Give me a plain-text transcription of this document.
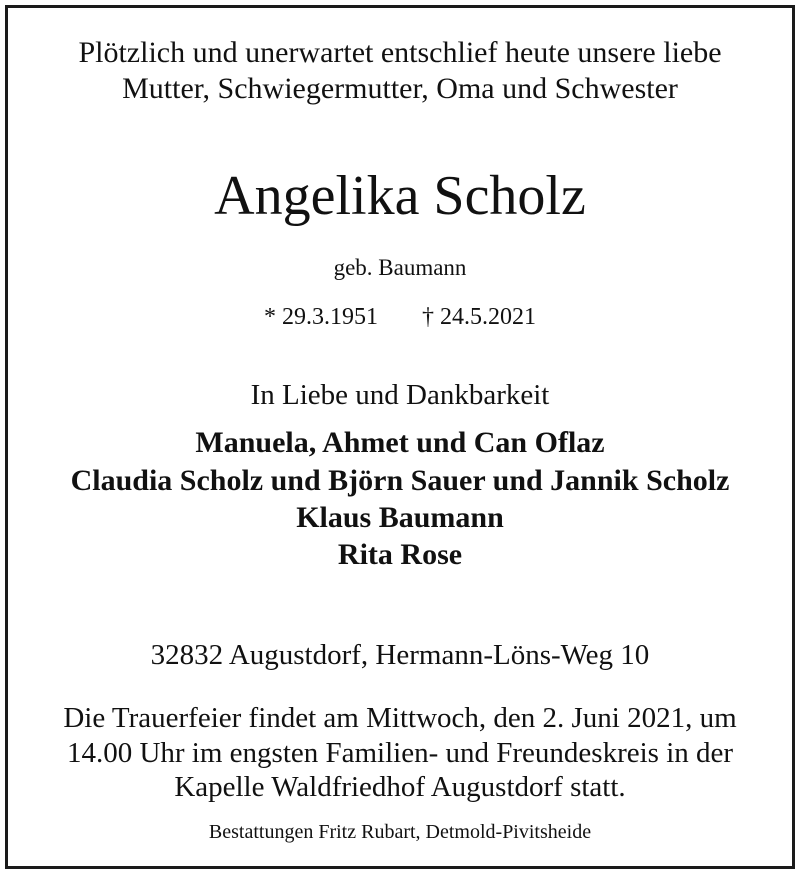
Plötzlich und unerwartet entschlief heute unsere liebe
Mutter, Schwiegermutter, Oma und Schwester
Angelika Scholz
geb. Baumann
* 29.3.1951 † 24.5.2021
In Liebe und Dankbarkeit
Manuela, Ahmet und Can Oflaz
Claudia Scholz und Björn Sauer und Jannik Scholz
Klaus Baumann
Rita Rose
32832 Augustdorf, Hermann-Löns-Weg 10
Die Trauerfeier findet am Mittwoch, den 2. Juni 2021, um
14.00 Uhr im engsten Familien- und Freundeskreis in der
Kapelle Waldfriedhof Augustdorf statt.
Bestattungen Fritz Rubart, Detmold-Pivitsheide
